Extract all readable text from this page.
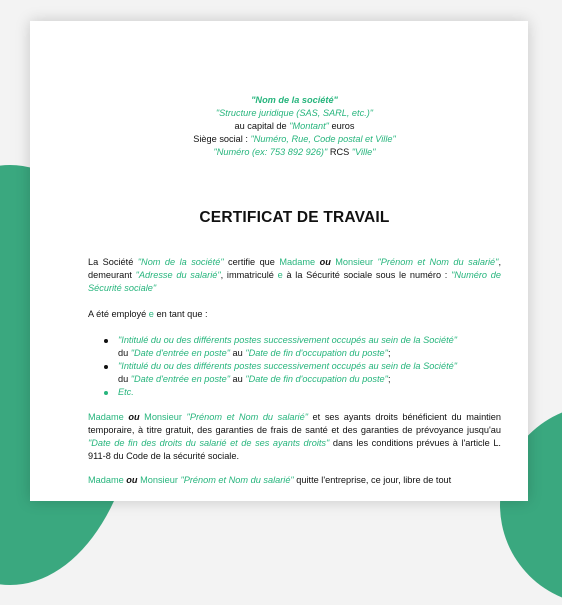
"Nom de la société"
"Structure juridique (SAS, SARL, etc.)"
au capital de "Montant" euros
Siège social : "Numéro, Rue, Code postal et Ville"
"Numéro (ex: 753 892 926)" RCS "Ville"
CERTIFICAT DE TRAVAIL
La Société "Nom de la société" certifie que Madame ou Monsieur "Prénom et Nom du salarié", demeurant "Adresse du salarié", immatriculé e à la Sécurité sociale sous le numéro : "Numéro de Sécurité sociale"
A été employé e en tant que :
"Intitulé du ou des différents postes successivement occupés au sein de la Société"
du "Date d'entrée en poste" au "Date de fin d'occupation du poste";
"Intitulé du ou des différents postes successivement occupés au sein de la Société"
du "Date d'entrée en poste" au "Date de fin d'occupation du poste";
Etc.
Madame ou Monsieur "Prénom et Nom du salarié" et ses ayants droits bénéficient du maintien temporaire, à titre gratuit, des garanties de frais de santé et des garanties de prévoyance jusqu'au "Date de fin des droits du salarié et de ses ayants droits" dans les conditions prévues à l'article L. 911-8 du Code de la sécurité sociale.
Madame ou Monsieur "Prénom et Nom du salarié" quitte l'entreprise, ce jour, libre de tout
